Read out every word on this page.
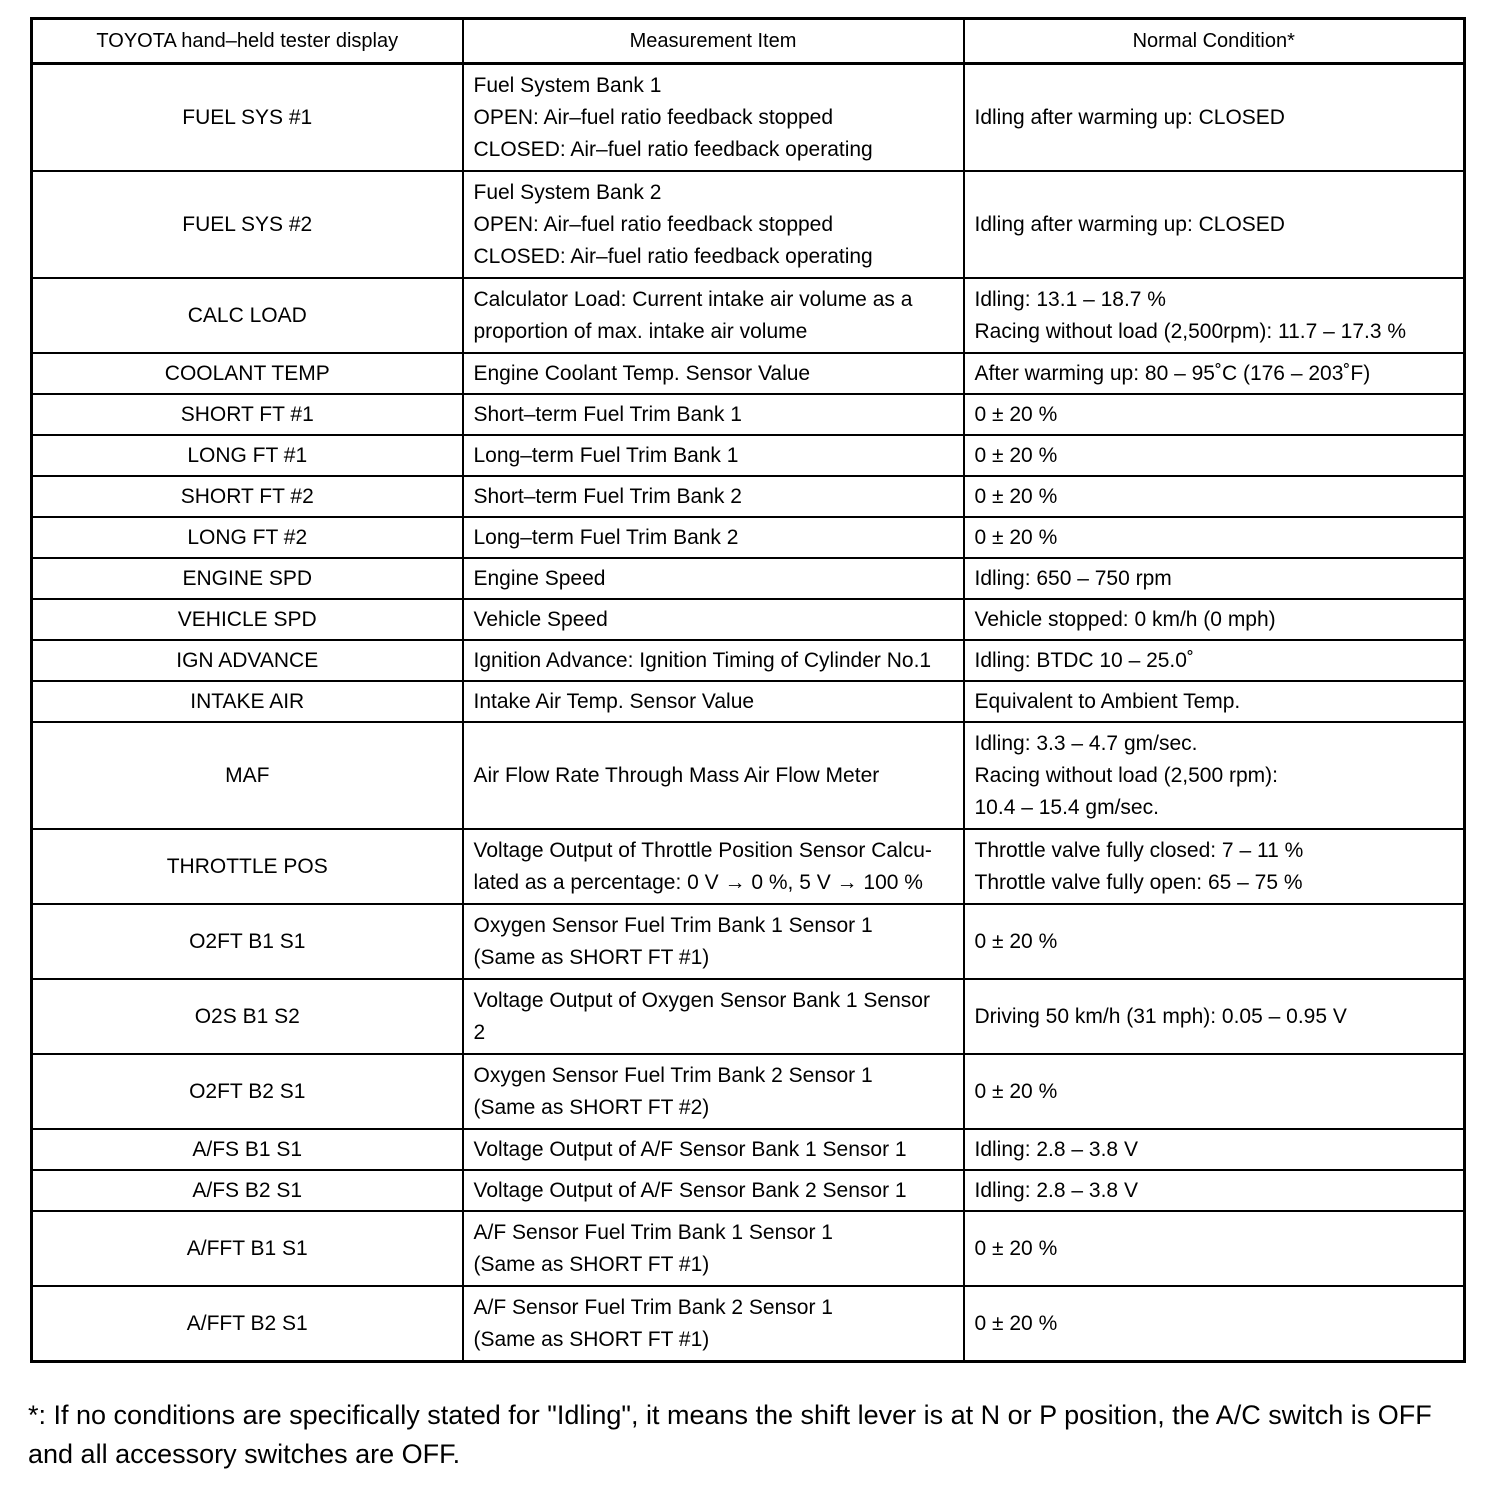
TOYOTA hand–held tester display	Measurement Item	Normal Condition*
FUEL SYS #1	Fuel System Bank 1
OPEN: Air–fuel ratio feedback stopped
CLOSED: Air–fuel ratio feedback operating	Idling after warming up: CLOSED

FUEL SYS #2	Fuel System Bank 2
OPEN: Air–fuel ratio feedback stopped
CLOSED: Air–fuel ratio feedback operating	Idling after warming up: CLOSED

CALC LOAD	Calculator Load: Current intake air volume as a
proportion of max. intake air volume	Idling: 13.1 – 18.7 %
Racing without load (2,500rpm): 11.7 – 17.3 %

COOLANT TEMP	Engine Coolant Temp. Sensor Value	After warming up: 80 – 95˚C (176 – 203˚F)

SHORT FT #1	Short–term Fuel Trim Bank 1	0 ± 20 %

LONG FT #1	Long–term Fuel Trim Bank 1	0 ± 20 %

SHORT FT #2	Short–term Fuel Trim Bank 2	0 ± 20 %

LONG FT #2	Long–term Fuel Trim Bank 2	0 ± 20 %

ENGINE SPD	Engine Speed	Idling: 650 – 750 rpm

VEHICLE SPD	Vehicle Speed	Vehicle stopped: 0 km/h (0 mph)

IGN ADVANCE	Ignition Advance: Ignition Timing of Cylinder No.1	Idling: BTDC 10 – 25.0˚

INTAKE AIR	Intake Air Temp. Sensor Value	Equivalent to Ambient Temp.

MAF	Air Flow Rate Through Mass Air Flow Meter	Idling: 3.3 – 4.7 gm/sec.
Racing without load (2,500 rpm):
10.4 – 15.4 gm/sec.

THROTTLE POS	Voltage Output of Throttle Position Sensor Calcu-
lated as a percentage: 0 V → 0 %, 5 V → 100 %	Throttle valve fully closed: 7 – 11 %
Throttle valve fully open: 65 – 75 %

O2FT B1 S1	Oxygen Sensor Fuel Trim Bank 1 Sensor 1
(Same as SHORT FT #1)	0 ± 20 %

O2S B1 S2	Voltage Output of Oxygen Sensor Bank 1 Sensor
2	Driving 50 km/h (31 mph): 0.05 – 0.95 V

O2FT B2 S1	Oxygen Sensor Fuel Trim Bank 2 Sensor 1
(Same as SHORT FT #2)	0 ± 20 %

A/FS B1 S1	Voltage Output of A/F Sensor Bank 1 Sensor 1	Idling: 2.8 – 3.8 V

A/FS B2 S1	Voltage Output of A/F Sensor Bank 2 Sensor 1	Idling: 2.8 – 3.8 V

A/FFT B1 S1	A/F Sensor Fuel Trim Bank 1 Sensor 1
(Same as SHORT FT #1)	0 ± 20 %

A/FFT B2 S1	A/F Sensor Fuel Trim Bank 2 Sensor 1
(Same as SHORT FT #1)	0 ± 20 %
*: If no conditions are specifically stated for "Idling", it means the shift lever is at N or P position, the A/C switch is OFF and all accessory switches are OFF.
